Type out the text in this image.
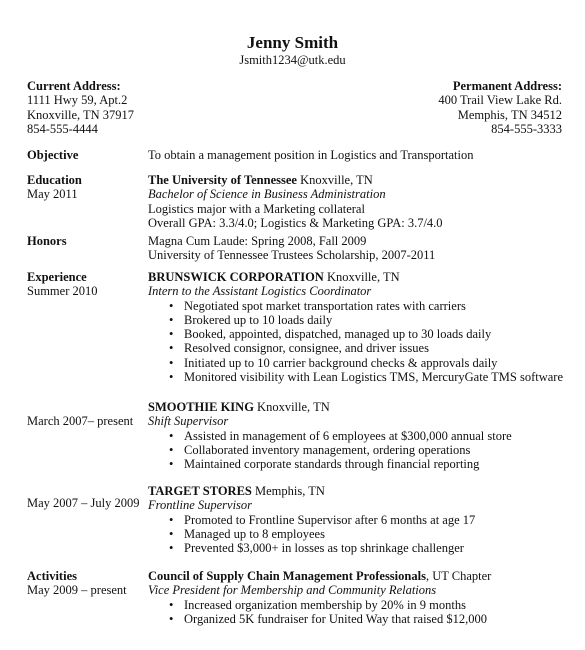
Jenny Smith
Jsmith1234@utk.edu
Current Address:
1111 Hwy 59, Apt.2
Knoxville, TN 37917
854-555-4444
Permanent Address:
400 Trail View Lake Rd.
Memphis, TN 34512
854-555-3333
Objective	To obtain a management position in Logistics and Transportation
Education
May 2011
The University of Tennessee Knoxville, TN
Bachelor of Science in Business Administration
Logistics major with a Marketing collateral
Overall GPA: 3.3/4.0; Logistics & Marketing GPA: 3.7/4.0
Honors	Magna Cum Laude: Spring 2008, Fall 2009
University of Tennessee Trustees Scholarship, 2007-2011
Experience
Summer 2010
BRUNSWICK CORPORATION Knoxville, TN
Intern to the Assistant Logistics Coordinator
• Negotiated spot market transportation rates with carriers
• Brokered up to 10 loads daily
• Booked, appointed, dispatched, managed up to 30 loads daily
• Resolved consignor, consignee, and driver issues
• Initiated up to 10 carrier background checks & approvals daily
• Monitored visibility with Lean Logistics TMS, MercuryGate TMS software
March 2007– present
SMOOTHIE KING Knoxville, TN
Shift Supervisor
• Assisted in management of 6 employees at $300,000 annual store
• Collaborated inventory management, ordering operations
• Maintained corporate standards through financial reporting
May 2007 – July 2009
TARGET STORES Memphis, TN
Frontline Supervisor
• Promoted to Frontline Supervisor after 6 months at age 17
• Managed up to 8 employees
• Prevented $3,000+ in losses as top shrinkage challenger
Activities
May 2009 – present
Council of Supply Chain Management Professionals, UT Chapter
Vice President for Membership and Community Relations
• Increased organization membership by 20% in 9 months
• Organized 5K fundraiser for United Way that raised $12,000
